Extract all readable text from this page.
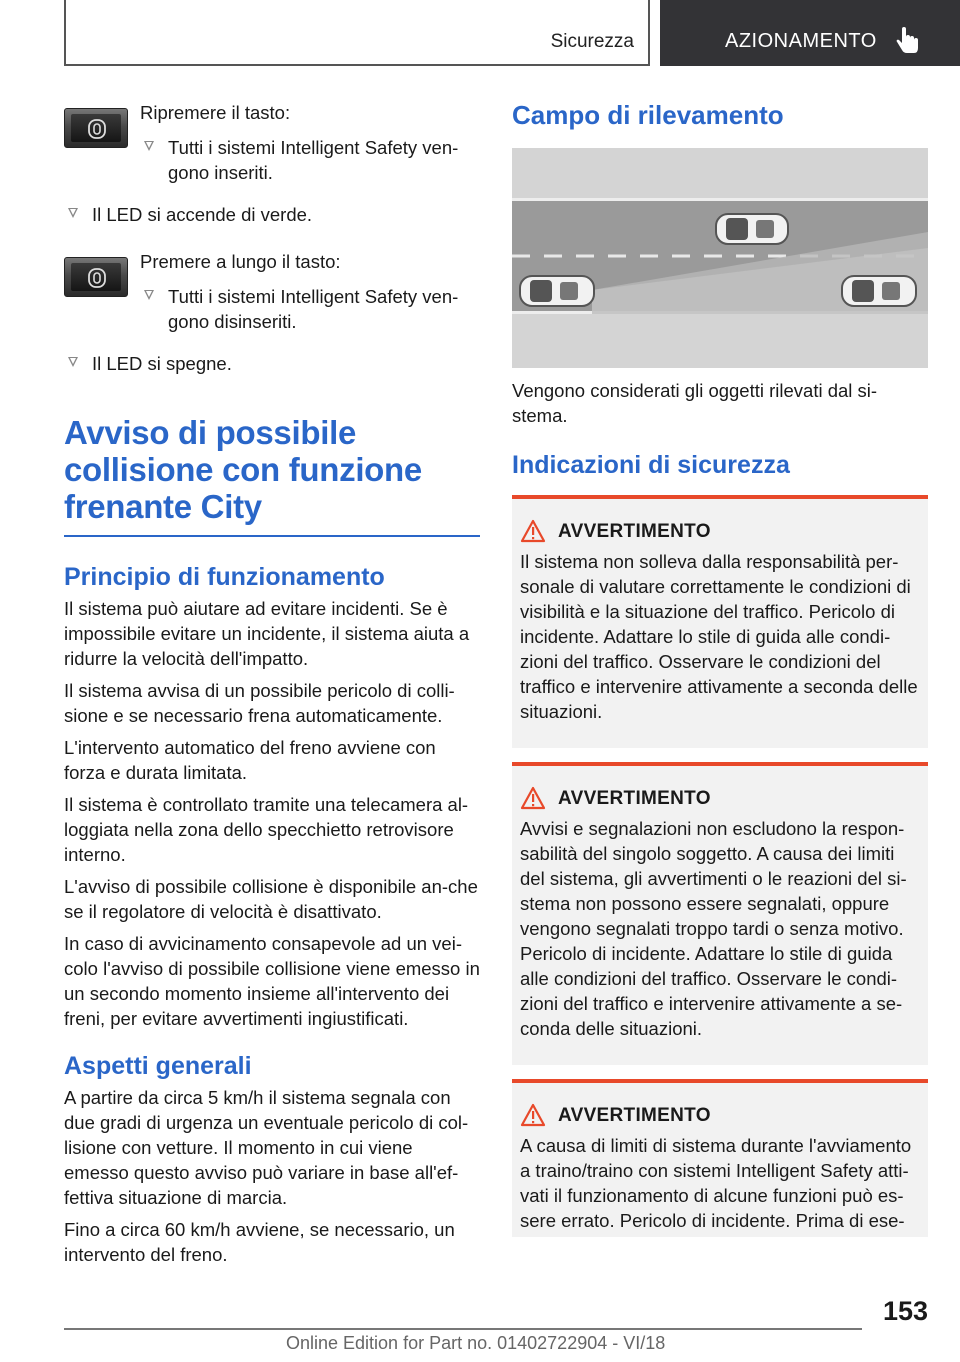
Sicurezza	AZIONAMENTO
Ripremere il tasto:
Tutti i sistemi Intelligent Safety ven-gono inseriti.
Il LED si accende di verde.
Premere a lungo il tasto:
Tutti i sistemi Intelligent Safety ven-gono disinseriti.
Il LED si spegne.
Avviso di possibile collisione con funzione frenante City
Principio di funzionamento

Il sistema può aiutare ad evitare incidenti. Se è impossibile evitare un incidente, il sistema aiuta a ridurre la velocità dell'impatto.

Il sistema avvisa di un possibile pericolo di colli-sione e se necessario frena automaticamente.

L'intervento automatico del freno avviene con forza e durata limitata.

Il sistema è controllato tramite una telecamera al-loggiata nella zona dello specchietto retrovisore interno.

L'avviso di possibile collisione è disponibile an-che se il regolatore di velocità è disattivato.

In caso di avvicinamento consapevole ad un vei-colo l'avviso di possibile collisione viene emesso in un secondo momento insieme all'intervento dei freni, per evitare avvertimenti ingiustificati.

Aspetti generali

A partire da circa 5 km/h il sistema segnala con due gradi di urgenza un eventuale pericolo di col-lisione con vetture. Il momento in cui viene emesso questo avviso può variare in base all'ef-fettiva situazione di marcia.

Fino a circa 60 km/h avviene, se necessario, un intervento del freno.

Campo di rilevamento
Vengono considerati gli oggetti rilevati dal si-stema.
Indicazioni di sicurezza
AVVERTIMENTO
Il sistema non solleva dalla responsabilità per-sonale di valutare correttamente le condizioni di visibilità e la situazione del traffico. Pericolo di incidente. Adattare lo stile di guida alle condi-zioni del traffico. Osservare le condizioni del traffico e intervenire attivamente a seconda delle situazioni.
AVVERTIMENTO
Avvisi e segnalazioni non escludono la respon-sabilità del singolo soggetto. A causa dei limiti del sistema, gli avvertimenti o le reazioni del si-stema non possono essere segnalati, oppure vengono segnalati troppo tardi o senza motivo. Pericolo di incidente. Adattare lo stile di guida alle condizioni del traffico. Osservare le condi-zioni del traffico e intervenire attivamente a se-conda delle situazioni.
AVVERTIMENTO
A causa di limiti di sistema durante l'avviamento a traino/traino con sistemi Intelligent Safety atti-vati il funzionamento di alcune funzioni può es-sere errato. Pericolo di incidente. Prima di ese-
153
Online Edition for Part no. 01402722904 - VI/18
